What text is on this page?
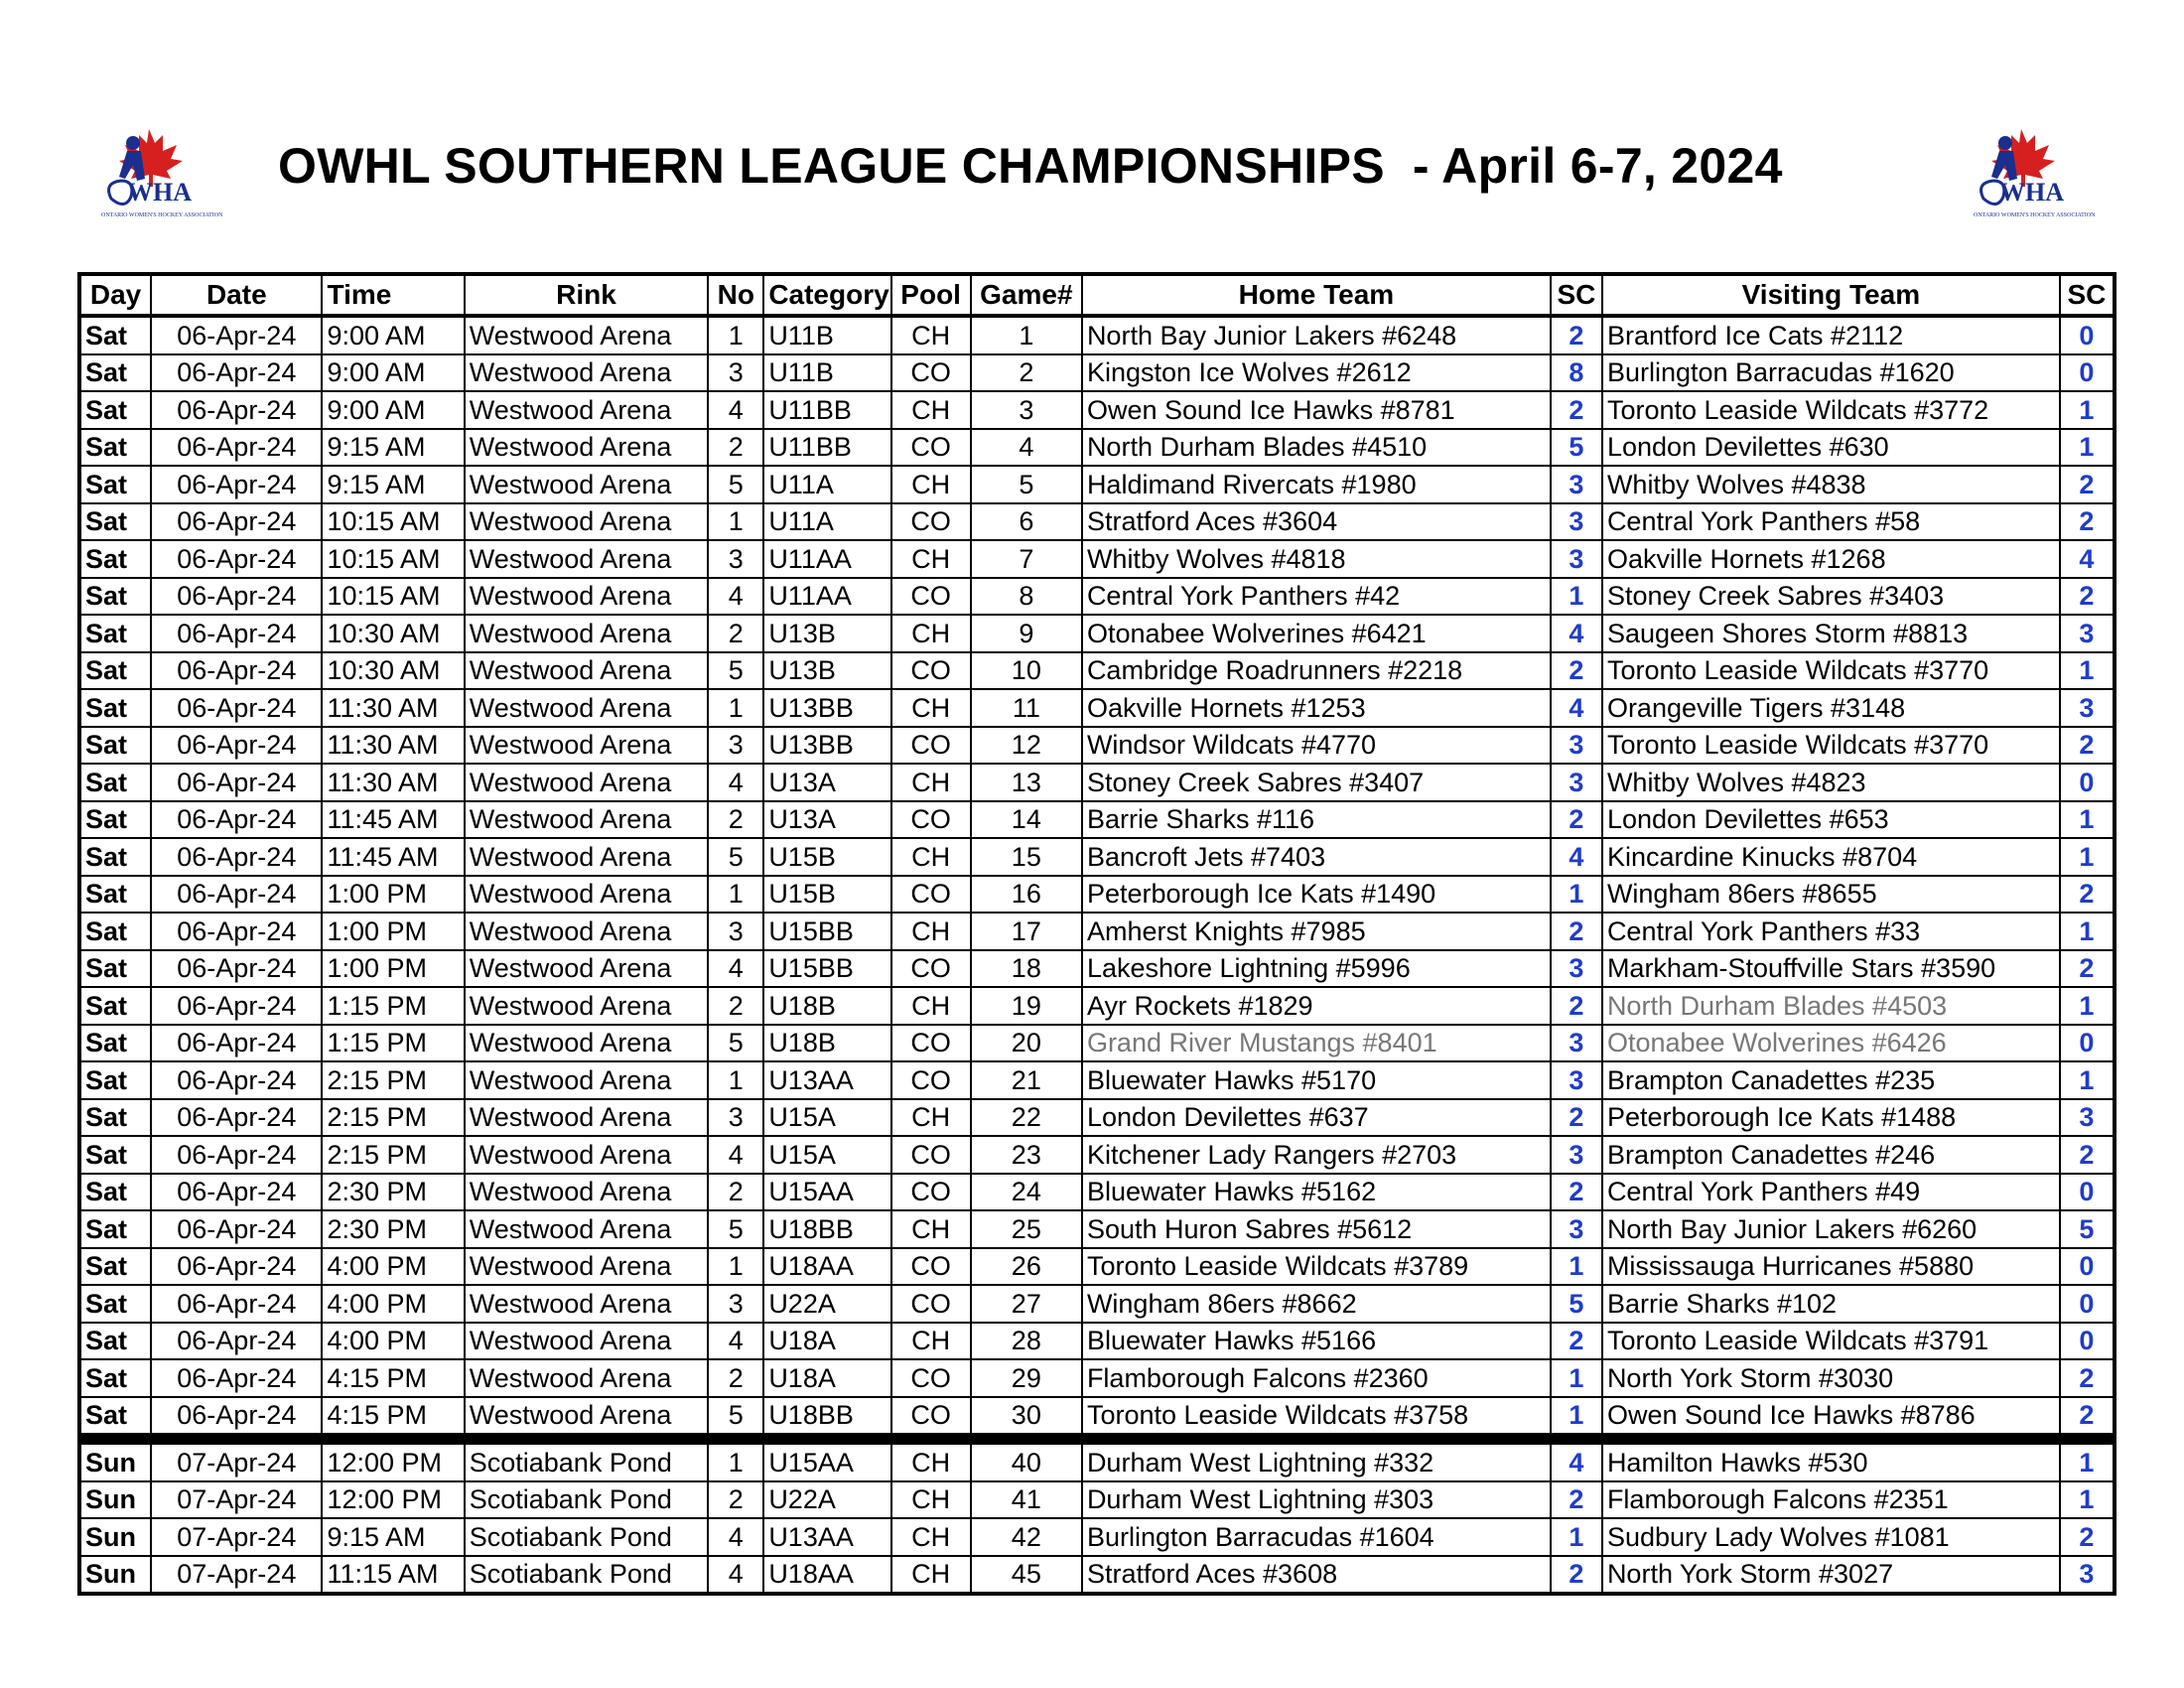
WHA
ONTARIO WOMEN'S HOCKEY ASSOCIATION
OWHL SOUTHERN LEAGUE CHAMPIONSHIPS - April 6-7, 2024	WHA
ONTARIO WOMEN'S HOCKEY ASSOCIATION
Day	Date	Time	Rink	No	Category	Pool	Game#	Home Team	SC	Visiting Team	SC
Sat	06-Apr-24	9:00 AM	Westwood Arena	1	U11B	CH	1	North Bay Junior Lakers #6248	2	Brantford Ice Cats #2112	0
Sat	06-Apr-24	9:00 AM	Westwood Arena	3	U11B	CO	2	Kingston Ice Wolves #2612	8	Burlington Barracudas #1620	0
Sat	06-Apr-24	9:00 AM	Westwood Arena	4	U11BB	CH	3	Owen Sound Ice Hawks #8781	2	Toronto Leaside Wildcats #3772	1
Sat	06-Apr-24	9:15 AM	Westwood Arena	2	U11BB	CO	4	North Durham Blades #4510	5	London Devilettes #630	1
Sat	06-Apr-24	9:15 AM	Westwood Arena	5	U11A	CH	5	Haldimand Rivercats #1980	3	Whitby Wolves #4838	2
Sat	06-Apr-24	10:15 AM	Westwood Arena	1	U11A	CO	6	Stratford Aces #3604	3	Central York Panthers #58	2
Sat	06-Apr-24	10:15 AM	Westwood Arena	3	U11AA	CH	7	Whitby Wolves #4818	3	Oakville Hornets #1268	4
Sat	06-Apr-24	10:15 AM	Westwood Arena	4	U11AA	CO	8	Central York Panthers #42	1	Stoney Creek Sabres #3403	2
Sat	06-Apr-24	10:30 AM	Westwood Arena	2	U13B	CH	9	Otonabee Wolverines #6421	4	Saugeen Shores Storm #8813	3
Sat	06-Apr-24	10:30 AM	Westwood Arena	5	U13B	CO	10	Cambridge Roadrunners #2218	2	Toronto Leaside Wildcats #3770	1
Sat	06-Apr-24	11:30 AM	Westwood Arena	1	U13BB	CH	11	Oakville Hornets #1253	4	Orangeville Tigers #3148	3
Sat	06-Apr-24	11:30 AM	Westwood Arena	3	U13BB	CO	12	Windsor Wildcats #4770	3	Toronto Leaside Wildcats #3770	2
Sat	06-Apr-24	11:30 AM	Westwood Arena	4	U13A	CH	13	Stoney Creek Sabres #3407	3	Whitby Wolves #4823	0
Sat	06-Apr-24	11:45 AM	Westwood Arena	2	U13A	CO	14	Barrie Sharks #116	2	London Devilettes #653	1
Sat	06-Apr-24	11:45 AM	Westwood Arena	5	U15B	CH	15	Bancroft Jets #7403	4	Kincardine Kinucks #8704	1
Sat	06-Apr-24	1:00 PM	Westwood Arena	1	U15B	CO	16	Peterborough Ice Kats #1490	1	Wingham 86ers #8655	2
Sat	06-Apr-24	1:00 PM	Westwood Arena	3	U15BB	CH	17	Amherst Knights #7985	2	Central York Panthers #33	1
Sat	06-Apr-24	1:00 PM	Westwood Arena	4	U15BB	CO	18	Lakeshore Lightning #5996	3	Markham-Stouffville Stars #3590	2
Sat	06-Apr-24	1:15 PM	Westwood Arena	2	U18B	CH	19	Ayr Rockets #1829	2	North Durham Blades #4503	1
Sat	06-Apr-24	1:15 PM	Westwood Arena	5	U18B	CO	20	Grand River Mustangs #8401	3	Otonabee Wolverines #6426	0
Sat	06-Apr-24	2:15 PM	Westwood Arena	1	U13AA	CO	21	Bluewater Hawks #5170	3	Brampton Canadettes #235	1
Sat	06-Apr-24	2:15 PM	Westwood Arena	3	U15A	CH	22	London Devilettes #637	2	Peterborough Ice Kats #1488	3
Sat	06-Apr-24	2:15 PM	Westwood Arena	4	U15A	CO	23	Kitchener Lady Rangers #2703	3	Brampton Canadettes #246	2
Sat	06-Apr-24	2:30 PM	Westwood Arena	2	U15AA	CO	24	Bluewater Hawks #5162	2	Central York Panthers #49	0
Sat	06-Apr-24	2:30 PM	Westwood Arena	5	U18BB	CH	25	South Huron Sabres #5612	3	North Bay Junior Lakers #6260	5
Sat	06-Apr-24	4:00 PM	Westwood Arena	1	U18AA	CO	26	Toronto Leaside Wildcats #3789	1	Mississauga Hurricanes #5880	0
Sat	06-Apr-24	4:00 PM	Westwood Arena	3	U22A	CO	27	Wingham 86ers #8662	5	Barrie Sharks #102	0
Sat	06-Apr-24	4:00 PM	Westwood Arena	4	U18A	CH	28	Bluewater Hawks #5166	2	Toronto Leaside Wildcats #3791	0
Sat	06-Apr-24	4:15 PM	Westwood Arena	2	U18A	CO	29	Flamborough Falcons #2360	1	North York Storm #3030	2
Sat	06-Apr-24	4:15 PM	Westwood Arena	5	U18BB	CO	30	Toronto Leaside Wildcats #3758	1	Owen Sound Ice Hawks #8786	2

Sun	07-Apr-24	12:00 PM	Scotiabank Pond	1	U15AA	CH	40	Durham West Lightning #332	4	Hamilton Hawks #530	1
Sun	07-Apr-24	12:00 PM	Scotiabank Pond	2	U22A	CH	41	Durham West Lightning #303	2	Flamborough Falcons #2351	1
Sun	07-Apr-24	9:15 AM	Scotiabank Pond	4	U13AA	CH	42	Burlington Barracudas #1604	1	Sudbury Lady Wolves #1081	2
Sun	07-Apr-24	11:15 AM	Scotiabank Pond	4	U18AA	CH	45	Stratford Aces #3608	2	North York Storm #3027	3
